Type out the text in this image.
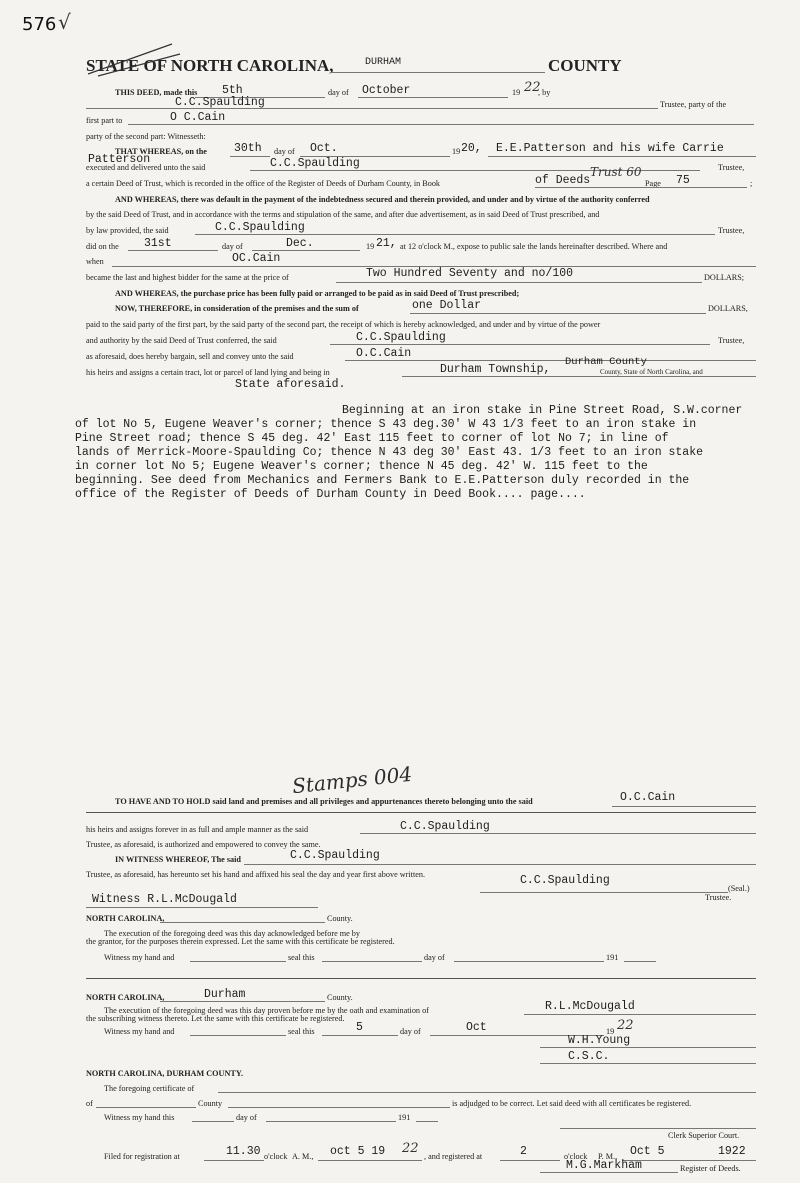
576 √
STATE OF NORTH CAROLINA,	DURHAM	COUNTY
THIS DEED, made this 5th	day of October	19 22
, by
C.C.Spaulding	Trustee, party of the
first part to	O C.Cain
party of the second part: Witnesseth:
THAT WHEREAS, on the 30th day of Oct.	19 20, E.E.Patterson and his wife Carrie
Patterson
executed and delivered unto the said	C.C.Spaulding	Trustee,
a certain Deed of Trust, which is recorded in the office of the Register of Deeds of Durham County, in Book	of Deeds
Trust 60
Page 75	;
AND WHEREAS, there was default in the payment of the indebtedness secured and therein provided, and under and by virtue of the authority conferred
by the said Deed of Trust, and in accordance with the terms and stipulation of the same, and after due advertisement, as in said Deed of Trust prescribed, and
by law provided, the said	C.C.Spaulding	Trustee,
did on the 31st	day of	Dec.	19 21, at 12 o'clock M., expose to public sale the lands hereinafter described. Where and
when	OC.Cain
became the last and highest bidder for the same at the price of	Two Hundred Seventy and no/100	DOLLARS;
AND WHEREAS, the purchase price has been fully paid or arranged to be paid as in said Deed of Trust prescribed;
NOW, THEREFORE, in consideration of the premises and the sum of	one Dollar	DOLLARS,
paid to the said party of the first part, by the said party of the second part, the receipt of which is hereby acknowledged, and under and by virtue of the power
and authority by the said Deed of Trust conferred, the said	C.C.Spaulding	Trustee,
as aforesaid, does hereby bargain, sell and convey unto the said	O.C.Cain
his heirs and assigns a certain tract, lot or parcel of land lying and being in	Durham Township,
Durham County
County, State of North Carolina, and
State aforesaid.
Beginning at an iron stake in Pine Street Road, S.W.corner
of lot No 5, Eugene Weaver's corner; thence S 43 deg.30' W 43 1/3 feet to an iron stake in
Pine Street road; thence S 45 deg. 42' East 115 feet to corner of lot No 7; in line of
lands of Merrick-Moore-Spaulding Co; thence N 43 deg 30' East 43. 1/3 feet to an iron stake
in corner lot No 5; Eugene Weaver's corner; thence N 45 deg. 42' W. 115 feet to the
beginning. See deed from Mechanics and Fermers Bank to E.E.Patterson duly recorded in the
office of the Register of Deeds of Durham County in Deed Book.... page....
Stamps 004
TO HAVE AND TO HOLD said land and premises and all privileges and appurtenances thereto belonging unto the said	O.C.Cain
his heirs and assigns forever in as full and ample manner as the said	C.C.Spaulding
Trustee, as aforesaid, is authorized and empowered to convey the same.
IN WITNESS WHEREOF, The said	C.C.Spaulding
Trustee, as aforesaid, has hereunto set his hand and affixed his seal the day and year first above written.	C.C.Spaulding
(Seal.)
Trustee.
Witness R.L.McDougald
NORTH CAROLINA,	County.
The execution of the foregoing deed was this day acknowledged before me by
the grantor, for the purposes therein expressed. Let the same with this certificate be registered.
Witness my hand and	seal this	day of	191
NORTH CAROLINA,	Durham	County.
The execution of the foregoing deed was this day proven before me by the oath and examination of	R.L.McDougald
the subscribing witness thereto. Let the same with this certificate be registered.
Witness my hand and	seal this	5	day of	Oct	19 22
W.H.Young
C.S.C.
NORTH CAROLINA, DURHAM COUNTY.
The foregoing certificate of
of	County	is adjudged to be correct. Let said deed with all certificates be registered.
Witness my hand this	day of	191
Clerk Superior Court.
Filed for registration at	11.30 o'clock A. M., oct 5 19 22
, and registered at	2	o'clock P. M., Oct 5	1922
M.G.Markham	Register of Deeds.
